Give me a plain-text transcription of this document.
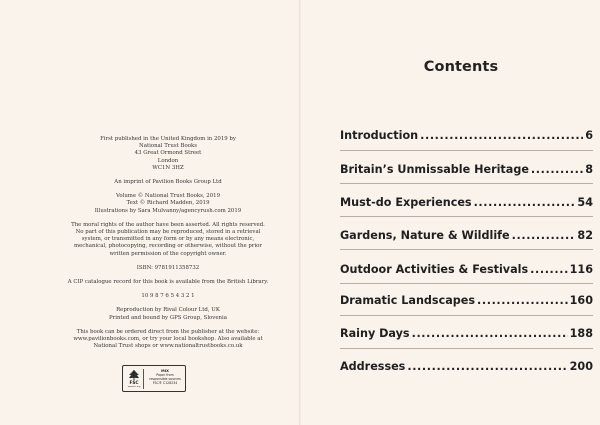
First published in the United Kingdom in 2019 by
National Trust Books
43 Great Ormond Street
London
WC1N 3HZ
An imprint of Pavilion Books Group Ltd
Volume © National Trust Books, 2019
Text © Richard Madden, 2019
Illustrations by Sara Mulvanny/agencyrush.com 2019
The moral rights of the author have been asserted. All rights reserved.
No part of this publication may be reproduced, stored in a retrieval
system, or transmitted in any form or by any means electronic,
mechanical, photocopying, recording or otherwise, without the prior
written permission of the copyright owner.
ISBN: 9781911358732
A CIP catalogue record for this book is available from the British Library.
10 9 8 7 6 5 4 3 2 1
Reproduction by Rival Colour Ltd, UK
Printed and bound by GPS Group, Slovenia
This book can be ordered direct from the publisher at the website:
www.pavilionbooks.com, or try your local bookshop. Also available at
National Trust shops or www.nationaltrustbooks.co.uk
FSC
www.fsc.org
MIX
Paper from
responsible sources
FSC® C128234
Contents
Introduction .....	6
Britain’s Unmissable Heritage .....	8
Must-do Experiences .....	54
Gardens, Nature & Wildlife .....	82
Outdoor Activities & Festivals .....	116
Dramatic Landscapes .....	160
Rainy Days .....	188
Addresses .....	200
